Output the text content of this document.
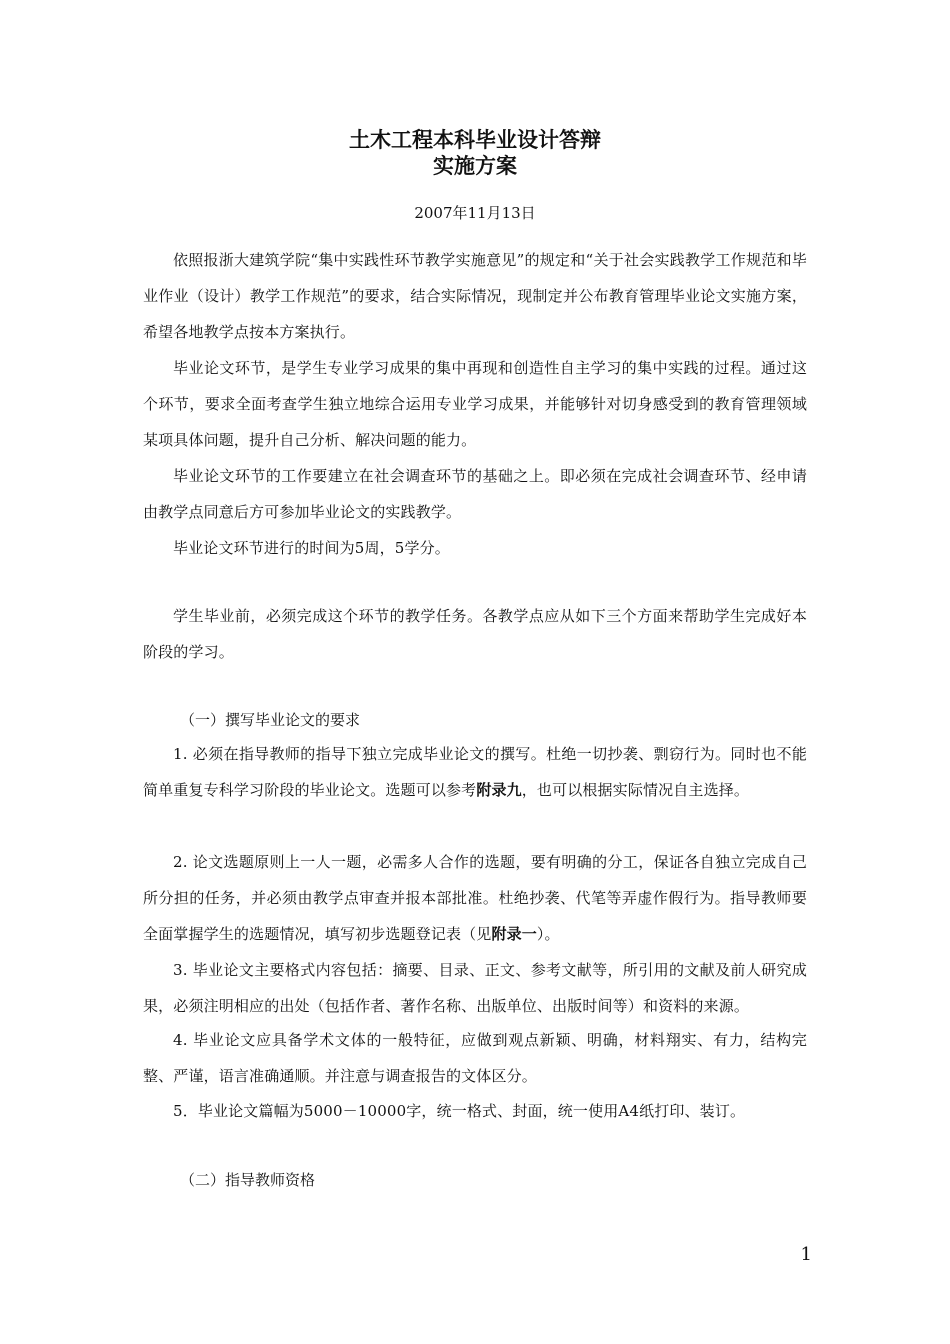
土木工程本科毕业设计答辩
实施方案
2007年11月13日
依照报浙大建筑学院“集中实践性环节教学实施意见”的规定和“关于社会实践教学工作规范和毕业作业（设计）教学工作规范”的要求，结合实际情况，现制定并公布教育管理毕业论文实施方案，希望各地教学点按本方案执行。
毕业论文环节，是学生专业学习成果的集中再现和创造性自主学习的集中实践的过程。通过这个环节，要求全面考查学生独立地综合运用专业学习成果，并能够针对切身感受到的教育管理领域某项具体问题，提升自己分析、解决问题的能力。
毕业论文环节的工作要建立在社会调查环节的基础之上。即必须在完成社会调查环节、经申请由教学点同意后方可参加毕业论文的实践教学。
毕业论文环节进行的时间为5周，5学分。
学生毕业前，必须完成这个环节的教学任务。各教学点应从如下三个方面来帮助学生完成好本阶段的学习。
（一）撰写毕业论文的要求
1. 必须在指导教师的指导下独立完成毕业论文的撰写。杜绝一切抄袭、剽窃行为。同时也不能简单重复专科学习阶段的毕业论文。选题可以参考附录九，也可以根据实际情况自主选择。
2. 论文选题原则上一人一题，必需多人合作的选题，要有明确的分工，保证各自独立完成自己所分担的任务，并必须由教学点审查并报本部批准。杜绝抄袭、代笔等弄虚作假行为。指导教师要全面掌握学生的选题情况，填写初步选题登记表（见附录一）。
3. 毕业论文主要格式内容包括：摘要、目录、正文、参考文献等，所引用的文献及前人研究成果，必须注明相应的出处（包括作者、著作名称、出版单位、出版时间等）和资料的来源。
4. 毕业论文应具备学术文体的一般特征，应做到观点新颖、明确，材料翔实、有力，结构完整、严谨，语言准确通顺。并注意与调查报告的文体区分。
5．毕业论文篇幅为5000－10000字，统一格式、封面，统一使用A4纸打印、装订。
（二）指导教师资格
1
